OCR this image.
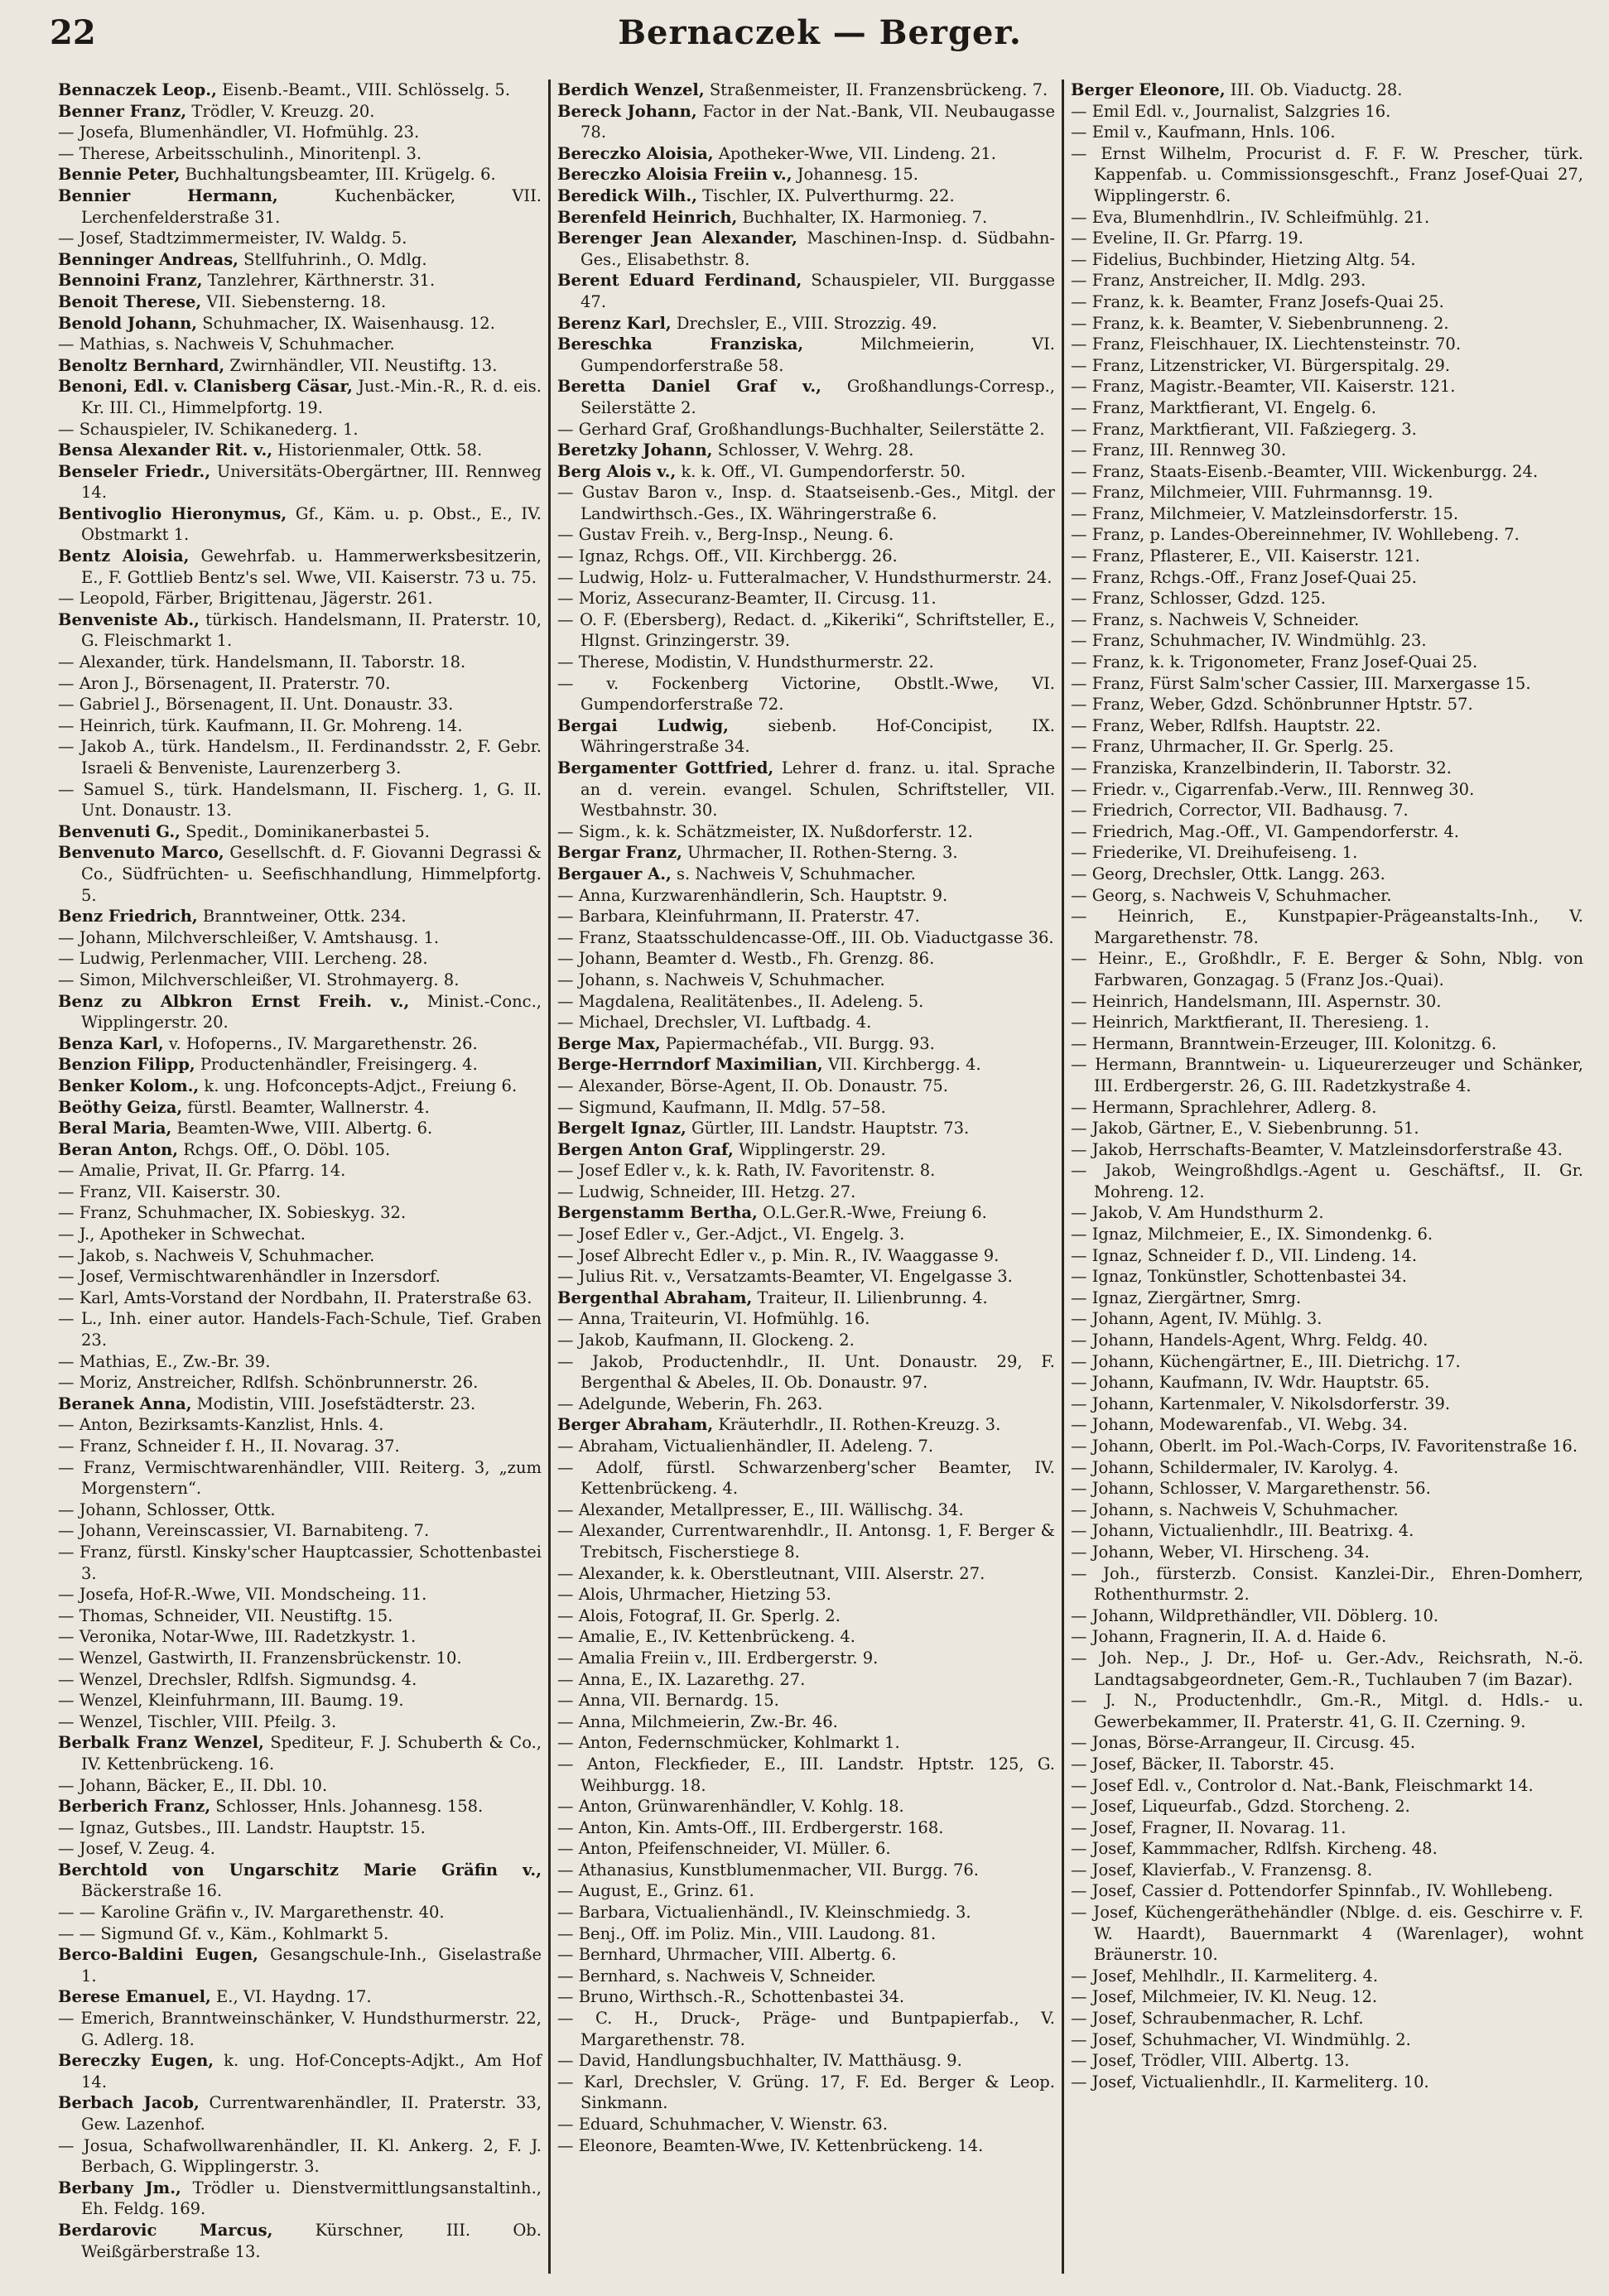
22	Bernaczek — Berger.

Bennaczek Leop., Eisenb.-Beamt., VIII. Schlösselg. 5.

Benner Franz, Trödler, V. Kreuzg. 20.

— Josefa, Blumenhändler, VI. Hofmühlg. 23.

— Therese, Arbeitsschulinh., Minoritenpl. 3.

Bennie Peter, Buchhaltungsbeamter, III. Krügelg. 6.

Bennier Hermann, Kuchenbäcker, VII. Lerchenfelderstraße 31.

— Josef, Stadtzimmermeister, IV. Waldg. 5.

Benninger Andreas, Stellfuhrinh., O. Mdlg.

Bennoini Franz, Tanzlehrer, Kärthnerstr. 31.

Benoit Therese, VII. Siebensterng. 18.

Benold Johann, Schuhmacher, IX. Waisenhausg. 12.

— Mathias, s. Nachweis V, Schuhmacher.

Benoltz Bernhard, Zwirnhändler, VII. Neustiftg. 13.

Benoni, Edl. v. Clanisberg Cäsar, Just.-Min.-R., R. d. eis. Kr. III. Cl., Himmelpfortg. 19.

— Schauspieler, IV. Schikanederg. 1.

Bensa Alexander Rit. v., Historienmaler, Ottk. 58.

Benseler Friedr., Universitäts-Obergärtner, III. Rennweg 14.

Bentivoglio Hieronymus, Gf., Käm. u. p. Obst., E., IV. Obstmarkt 1.

Bentz Aloisia, Gewehrfab. u. Hammerwerksbesitzerin, E., F. Gottlieb Bentz's sel. Wwe, VII. Kaiserstr. 73 u. 75.

— Leopold, Färber, Brigittenau, Jägerstr. 261.

Benveniste Ab., türkisch. Handelsmann, II. Praterstr. 10, G. Fleischmarkt 1.

— Alexander, türk. Handelsmann, II. Taborstr. 18.

— Aron J., Börsenagent, II. Praterstr. 70.

— Gabriel J., Börsenagent, II. Unt. Donaustr. 33.

— Heinrich, türk. Kaufmann, II. Gr. Mohreng. 14.

— Jakob A., türk. Handelsm., II. Ferdinandsstr. 2, F. Gebr. Israeli & Benveniste, Laurenzerberg 3.

— Samuel S., türk. Handelsmann, II. Fischerg. 1, G. II. Unt. Donaustr. 13.

Benvenuti G., Spedit., Dominikanerbastei 5.

Benvenuto Marco, Gesellschft. d. F. Giovanni Degrassi & Co., Südfrüchten- u. Seefischhandlung, Himmelpfortg. 5.

Benz Friedrich, Branntweiner, Ottk. 234.

— Johann, Milchverschleißer, V. Amtshausg. 1.

— Ludwig, Perlenmacher, VIII. Lercheng. 28.

— Simon, Milchverschleißer, VI. Strohmayerg. 8.

Benz zu Albkron Ernst Freih. v., Minist.-Conc., Wipplingerstr. 20.

Benza Karl, v. Hofoperns., IV. Margarethenstr. 26.

Benzion Filipp, Productenhändler, Freisingerg. 4.

Benker Kolom., k. ung. Hofconcepts-Adjct., Freiung 6.

Beöthy Geiza, fürstl. Beamter, Wallnerstr. 4.

Beral Maria, Beamten-Wwe, VIII. Albertg. 6.

Beran Anton, Rchgs. Off., O. Döbl. 105.

— Amalie, Privat, II. Gr. Pfarrg. 14.

— Franz, VII. Kaiserstr. 30.

— Franz, Schuhmacher, IX. Sobieskyg. 32.

— J., Apotheker in Schwechat.

— Jakob, s. Nachweis V, Schuhmacher.

— Josef, Vermischtwarenhändler in Inzersdorf.

— Karl, Amts-Vorstand der Nordbahn, II. Praterstraße 63.

— L., Inh. einer autor. Handels-Fach-Schule, Tief. Graben 23.

— Mathias, E., Zw.-Br. 39.

— Moriz, Anstreicher, Rdlfsh. Schönbrunnerstr. 26.

Beranek Anna, Modistin, VIII. Josefstädterstr. 23.

— Anton, Bezirksamts-Kanzlist, Hnls. 4.

— Franz, Schneider f. H., II. Novarag. 37.

— Franz, Vermischtwarenhändler, VIII. Reiterg. 3, „zum Morgenstern“.

— Johann, Schlosser, Ottk.

— Johann, Vereinscassier, VI. Barnabiteng. 7.

— Franz, fürstl. Kinsky'scher Hauptcassier, Schottenbastei 3.

— Josefa, Hof-R.-Wwe, VII. Mondscheing. 11.

— Thomas, Schneider, VII. Neustiftg. 15.

— Veronika, Notar-Wwe, III. Radetzkystr. 1.

— Wenzel, Gastwirth, II. Franzensbrückenstr. 10.

— Wenzel, Drechsler, Rdlfsh. Sigmundsg. 4.

— Wenzel, Kleinfuhrmann, III. Baumg. 19.

— Wenzel, Tischler, VIII. Pfeilg. 3.

Berbalk Franz Wenzel, Spediteur, F. J. Schuberth & Co., IV. Kettenbrückeng. 16.

— Johann, Bäcker, E., II. Dbl. 10.

Berberich Franz, Schlosser, Hnls. Johannesg. 158.

— Ignaz, Gutsbes., III. Landstr. Hauptstr. 15.

— Josef, V. Zeug. 4.

Berchtold von Ungarschitz Marie Gräfin v., Bäckerstraße 16.

— — Karoline Gräfin v., IV. Margarethenstr. 40.

— — Sigmund Gf. v., Käm., Kohlmarkt 5.

Berco-Baldini Eugen, Gesangschule-Inh., Giselastraße 1.

Berese Emanuel, E., VI. Haydng. 17.

— Emerich, Branntweinschänker, V. Hundsthurmerstr. 22, G. Adlerg. 18.

Bereczky Eugen, k. ung. Hof-Concepts-Adjkt., Am Hof 14.

Berbach Jacob, Currentwarenhändler, II. Praterstr. 33, Gew. Lazenhof.

— Josua, Schafwollwarenhändler, II. Kl. Ankerg. 2, F. J. Berbach, G. Wipplingerstr. 3.

Berbany Jm., Trödler u. Dienstvermittlungsanstaltinh., Eh. Feldg. 169.

Berdarovic Marcus, Kürschner, III. Ob. Weißgärberstraße 13.

Berdich Wenzel, Straßenmeister, II. Franzensbrückeng. 7.

Bereck Johann, Factor in der Nat.-Bank, VII. Neubaugasse 78.

Bereczko Aloisia, Apotheker-Wwe, VII. Lindeng. 21.

Bereczko Aloisia Freiin v., Johannesg. 15.

Beredick Wilh., Tischler, IX. Pulverthurmg. 22.

Berenfeld Heinrich, Buchhalter, IX. Harmonieg. 7.

Berenger Jean Alexander, Maschinen-Insp. d. Südbahn-Ges., Elisabethstr. 8.

Berent Eduard Ferdinand, Schauspieler, VII. Burggasse 47.

Berenz Karl, Drechsler, E., VIII. Strozzig. 49.

Bereschka Franziska, Milchmeierin, VI. Gumpendorferstraße 58.

Beretta Daniel Graf v., Großhandlungs-Corresp., Seilerstätte 2.

— Gerhard Graf, Großhandlungs-Buchhalter, Seilerstätte 2.

Beretzky Johann, Schlosser, V. Wehrg. 28.

Berg Alois v., k. k. Off., VI. Gumpendorferstr. 50.

— Gustav Baron v., Insp. d. Staatseisenb.-Ges., Mitgl. der Landwirthsch.-Ges., IX. Währingerstraße 6.

— Gustav Freih. v., Berg-Insp., Neung. 6.

— Ignaz, Rchgs. Off., VII. Kirchbergg. 26.

— Ludwig, Holz- u. Futteralmacher, V. Hundsthurmerstr. 24.

— Moriz, Assecuranz-Beamter, II. Circusg. 11.

— O. F. (Ebersberg), Redact. d. „Kikeriki“, Schriftsteller, E., Hlgnst. Grinzingerstr. 39.

— Therese, Modistin, V. Hundsthurmerstr. 22.

— v. Fockenberg Victorine, Obstlt.-Wwe, VI. Gumpendorferstraße 72.

Bergai Ludwig, siebenb. Hof-Concipist, IX. Währingerstraße 34.

Bergamenter Gottfried, Lehrer d. franz. u. ital. Sprache an d. verein. evangel. Schulen, Schriftsteller, VII. Westbahnstr. 30.

— Sigm., k. k. Schätzmeister, IX. Nußdorferstr. 12.

Bergar Franz, Uhrmacher, II. Rothen-Sterng. 3.

Bergauer A., s. Nachweis V, Schuhmacher.

— Anna, Kurzwarenhändlerin, Sch. Hauptstr. 9.

— Barbara, Kleinfuhrmann, II. Praterstr. 47.

— Franz, Staatsschuldencasse-Off., III. Ob. Viaductgasse 36.

— Johann, Beamter d. Westb., Fh. Grenzg. 86.

— Johann, s. Nachweis V, Schuhmacher.

— Magdalena, Realitätenbes., II. Adeleng. 5.

— Michael, Drechsler, VI. Luftbadg. 4.

Berge Max, Papiermachéfab., VII. Burgg. 93.

Berge-Herrndorf Maximilian, VII. Kirchbergg. 4.

— Alexander, Börse-Agent, II. Ob. Donaustr. 75.

— Sigmund, Kaufmann, II. Mdlg. 57–58.

Bergelt Ignaz, Gürtler, III. Landstr. Hauptstr. 73.

Bergen Anton Graf, Wipplingerstr. 29.

— Josef Edler v., k. k. Rath, IV. Favoritenstr. 8.

— Ludwig, Schneider, III. Hetzg. 27.

Bergenstamm Bertha, O.L.Ger.R.-Wwe, Freiung 6.

— Josef Edler v., Ger.-Adjct., VI. Engelg. 3.

— Josef Albrecht Edler v., p. Min. R., IV. Waaggasse 9.

— Julius Rit. v., Versatzamts-Beamter, VI. Engelgasse 3.

Bergenthal Abraham, Traiteur, II. Lilienbrunng. 4.

— Anna, Traiteurin, VI. Hofmühlg. 16.

— Jakob, Kaufmann, II. Glockeng. 2.

— Jakob, Productenhdlr., II. Unt. Donaustr. 29, F. Bergenthal & Abeles, II. Ob. Donaustr. 97.

— Adelgunde, Weberin, Fh. 263.

Berger Abraham, Kräuterhdlr., II. Rothen-Kreuzg. 3.

— Abraham, Victualienhändler, II. Adeleng. 7.

— Adolf, fürstl. Schwarzenberg'scher Beamter, IV. Kettenbrückeng. 4.

— Alexander, Metallpresser, E., III. Wällischg. 34.

— Alexander, Currentwarenhdlr., II. Antonsg. 1, F. Berger & Trebitsch, Fischerstiege 8.

— Alexander, k. k. Oberstleutnant, VIII. Alserstr. 27.

— Alois, Uhrmacher, Hietzing 53.

— Alois, Fotograf, II. Gr. Sperlg. 2.

— Amalie, E., IV. Kettenbrückeng. 4.

— Amalia Freiin v., III. Erdbergerstr. 9.

— Anna, E., IX. Lazarethg. 27.

— Anna, VII. Bernardg. 15.

— Anna, Milchmeierin, Zw.-Br. 46.

— Anton, Federnschmücker, Kohlmarkt 1.

— Anton, Fleckfieder, E., III. Landstr. Hptstr. 125, G. Weihburgg. 18.

— Anton, Grünwarenhändler, V. Kohlg. 18.

— Anton, Kin. Amts-Off., III. Erdbergerstr. 168.

— Anton, Pfeifenschneider, VI. Müller. 6.

— Athanasius, Kunstblumenmacher, VII. Burgg. 76.

— August, E., Grinz. 61.

— Barbara, Victualienhändl., IV. Kleinschmiedg. 3.

— Benj., Off. im Poliz. Min., VIII. Laudong. 81.

— Bernhard, Uhrmacher, VIII. Albertg. 6.

— Bernhard, s. Nachweis V, Schneider.

— Bruno, Wirthsch.-R., Schottenbastei 34.

— C. H., Druck-, Präge- und Buntpapierfab., V. Margarethenstr. 78.

— David, Handlungsbuchhalter, IV. Matthäusg. 9.

— Karl, Drechsler, V. Grüng. 17, F. Ed. Berger & Leop. Sinkmann.

— Eduard, Schuhmacher, V. Wienstr. 63.

— Eleonore, Beamten-Wwe, IV. Kettenbrückeng. 14.

Berger Eleonore, III. Ob. Viaductg. 28.

— Emil Edl. v., Journalist, Salzgries 16.

— Emil v., Kaufmann, Hnls. 106.

— Ernst Wilhelm, Procurist d. F. F. W. Prescher, türk. Kappenfab. u. Commissionsgeschft., Franz Josef-Quai 27, Wipplingerstr. 6.

— Eva, Blumenhdlrin., IV. Schleifmühlg. 21.

— Eveline, II. Gr. Pfarrg. 19.

— Fidelius, Buchbinder, Hietzing Altg. 54.

— Franz, Anstreicher, II. Mdlg. 293.

— Franz, k. k. Beamter, Franz Josefs-Quai 25.

— Franz, k. k. Beamter, V. Siebenbrunneng. 2.

— Franz, Fleischhauer, IX. Liechtensteinstr. 70.

— Franz, Litzenstricker, VI. Bürgerspitalg. 29.

— Franz, Magistr.-Beamter, VII. Kaiserstr. 121.

— Franz, Marktfierant, VI. Engelg. 6.

— Franz, Marktfierant, VII. Faßziegerg. 3.

— Franz, III. Rennweg 30.

— Franz, Staats-Eisenb.-Beamter, VIII. Wickenburgg. 24.

— Franz, Milchmeier, VIII. Fuhrmannsg. 19.

— Franz, Milchmeier, V. Matzleinsdorferstr. 15.

— Franz, p. Landes-Obereinnehmer, IV. Wohllebeng. 7.

— Franz, Pflasterer, E., VII. Kaiserstr. 121.

— Franz, Rchgs.-Off., Franz Josef-Quai 25.

— Franz, Schlosser, Gdzd. 125.

— Franz, s. Nachweis V, Schneider.

— Franz, Schuhmacher, IV. Windmühlg. 23.

— Franz, k. k. Trigonometer, Franz Josef-Quai 25.

— Franz, Fürst Salm'scher Cassier, III. Marxergasse 15.

— Franz, Weber, Gdzd. Schönbrunner Hptstr. 57.

— Franz, Weber, Rdlfsh. Hauptstr. 22.

— Franz, Uhrmacher, II. Gr. Sperlg. 25.

— Franziska, Kranzelbinderin, II. Taborstr. 32.

— Friedr. v., Cigarrenfab.-Verw., III. Rennweg 30.

— Friedrich, Corrector, VII. Badhausg. 7.

— Friedrich, Mag.-Off., VI. Gampendorferstr. 4.

— Friederike, VI. Dreihufeiseng. 1.

— Georg, Drechsler, Ottk. Langg. 263.

— Georg, s. Nachweis V, Schuhmacher.

— Heinrich, E., Kunstpapier-Prägeanstalts-Inh., V. Margarethenstr. 78.

— Heinr., E., Großhdlr., F. E. Berger & Sohn, Nblg. von Farbwaren, Gonzagag. 5 (Franz Jos.-Quai).

— Heinrich, Handelsmann, III. Aspernstr. 30.

— Heinrich, Marktfierant, II. Theresieng. 1.

— Hermann, Branntwein-Erzeuger, III. Kolonitzg. 6.

— Hermann, Branntwein- u. Liqueurerzeuger und Schänker, III. Erdbergerstr. 26, G. III. Radetzkystraße 4.

— Hermann, Sprachlehrer, Adlerg. 8.

— Jakob, Gärtner, E., V. Siebenbrunng. 51.

— Jakob, Herrschafts-Beamter, V. Matzleinsdorferstraße 43.

— Jakob, Weingroßhdlgs.-Agent u. Geschäftsf., II. Gr. Mohreng. 12.

— Jakob, V. Am Hundsthurm 2.

— Ignaz, Milchmeier, E., IX. Simondenkg. 6.

— Ignaz, Schneider f. D., VII. Lindeng. 14.

— Ignaz, Tonkünstler, Schottenbastei 34.

— Ignaz, Ziergärtner, Smrg.

— Johann, Agent, IV. Mühlg. 3.

— Johann, Handels-Agent, Whrg. Feldg. 40.

— Johann, Küchengärtner, E., III. Dietrichg. 17.

— Johann, Kaufmann, IV. Wdr. Hauptstr. 65.

— Johann, Kartenmaler, V. Nikolsdorferstr. 39.

— Johann, Modewarenfab., VI. Webg. 34.

— Johann, Oberlt. im Pol.-Wach-Corps, IV. Favoritenstraße 16.

— Johann, Schildermaler, IV. Karolyg. 4.

— Johann, Schlosser, V. Margarethenstr. 56.

— Johann, s. Nachweis V, Schuhmacher.

— Johann, Victualienhdlr., III. Beatrixg. 4.

— Johann, Weber, VI. Hirscheng. 34.

— Joh., fürsterzb. Consist. Kanzlei-Dir., Ehren-Domherr, Rothenthurmstr. 2.

— Johann, Wildprethändler, VII. Döblerg. 10.

— Johann, Fragnerin, II. A. d. Haide 6.

— Joh. Nep., J. Dr., Hof- u. Ger.-Adv., Reichsrath, N.-ö. Landtagsabgeordneter, Gem.-R., Tuchlauben 7 (im Bazar).

— J. N., Productenhdlr., Gm.-R., Mitgl. d. Hdls.- u. Gewerbekammer, II. Praterstr. 41, G. II. Czerning. 9.

— Jonas, Börse-Arrangeur, II. Circusg. 45.

— Josef, Bäcker, II. Taborstr. 45.

— Josef Edl. v., Controlor d. Nat.-Bank, Fleischmarkt 14.

— Josef, Liqueurfab., Gdzd. Storcheng. 2.

— Josef, Fragner, II. Novarag. 11.

— Josef, Kammmacher, Rdlfsh. Kircheng. 48.

— Josef, Klavierfab., V. Franzensg. 8.

— Josef, Cassier d. Pottendorfer Spinnfab., IV. Wohllebeng.

— Josef, Küchengeräthehändler (Nblge. d. eis. Geschirre v. F. W. Haardt), Bauernmarkt 4 (Warenlager), wohnt Bräunerstr. 10.

— Josef, Mehlhdlr., II. Karmeliterg. 4.

— Josef, Milchmeier, IV. Kl. Neug. 12.

— Josef, Schraubenmacher, R. Lchf.

— Josef, Schuhmacher, VI. Windmühlg. 2.

— Josef, Trödler, VIII. Albertg. 13.

— Josef, Victualienhdlr., II. Karmeliterg. 10.
